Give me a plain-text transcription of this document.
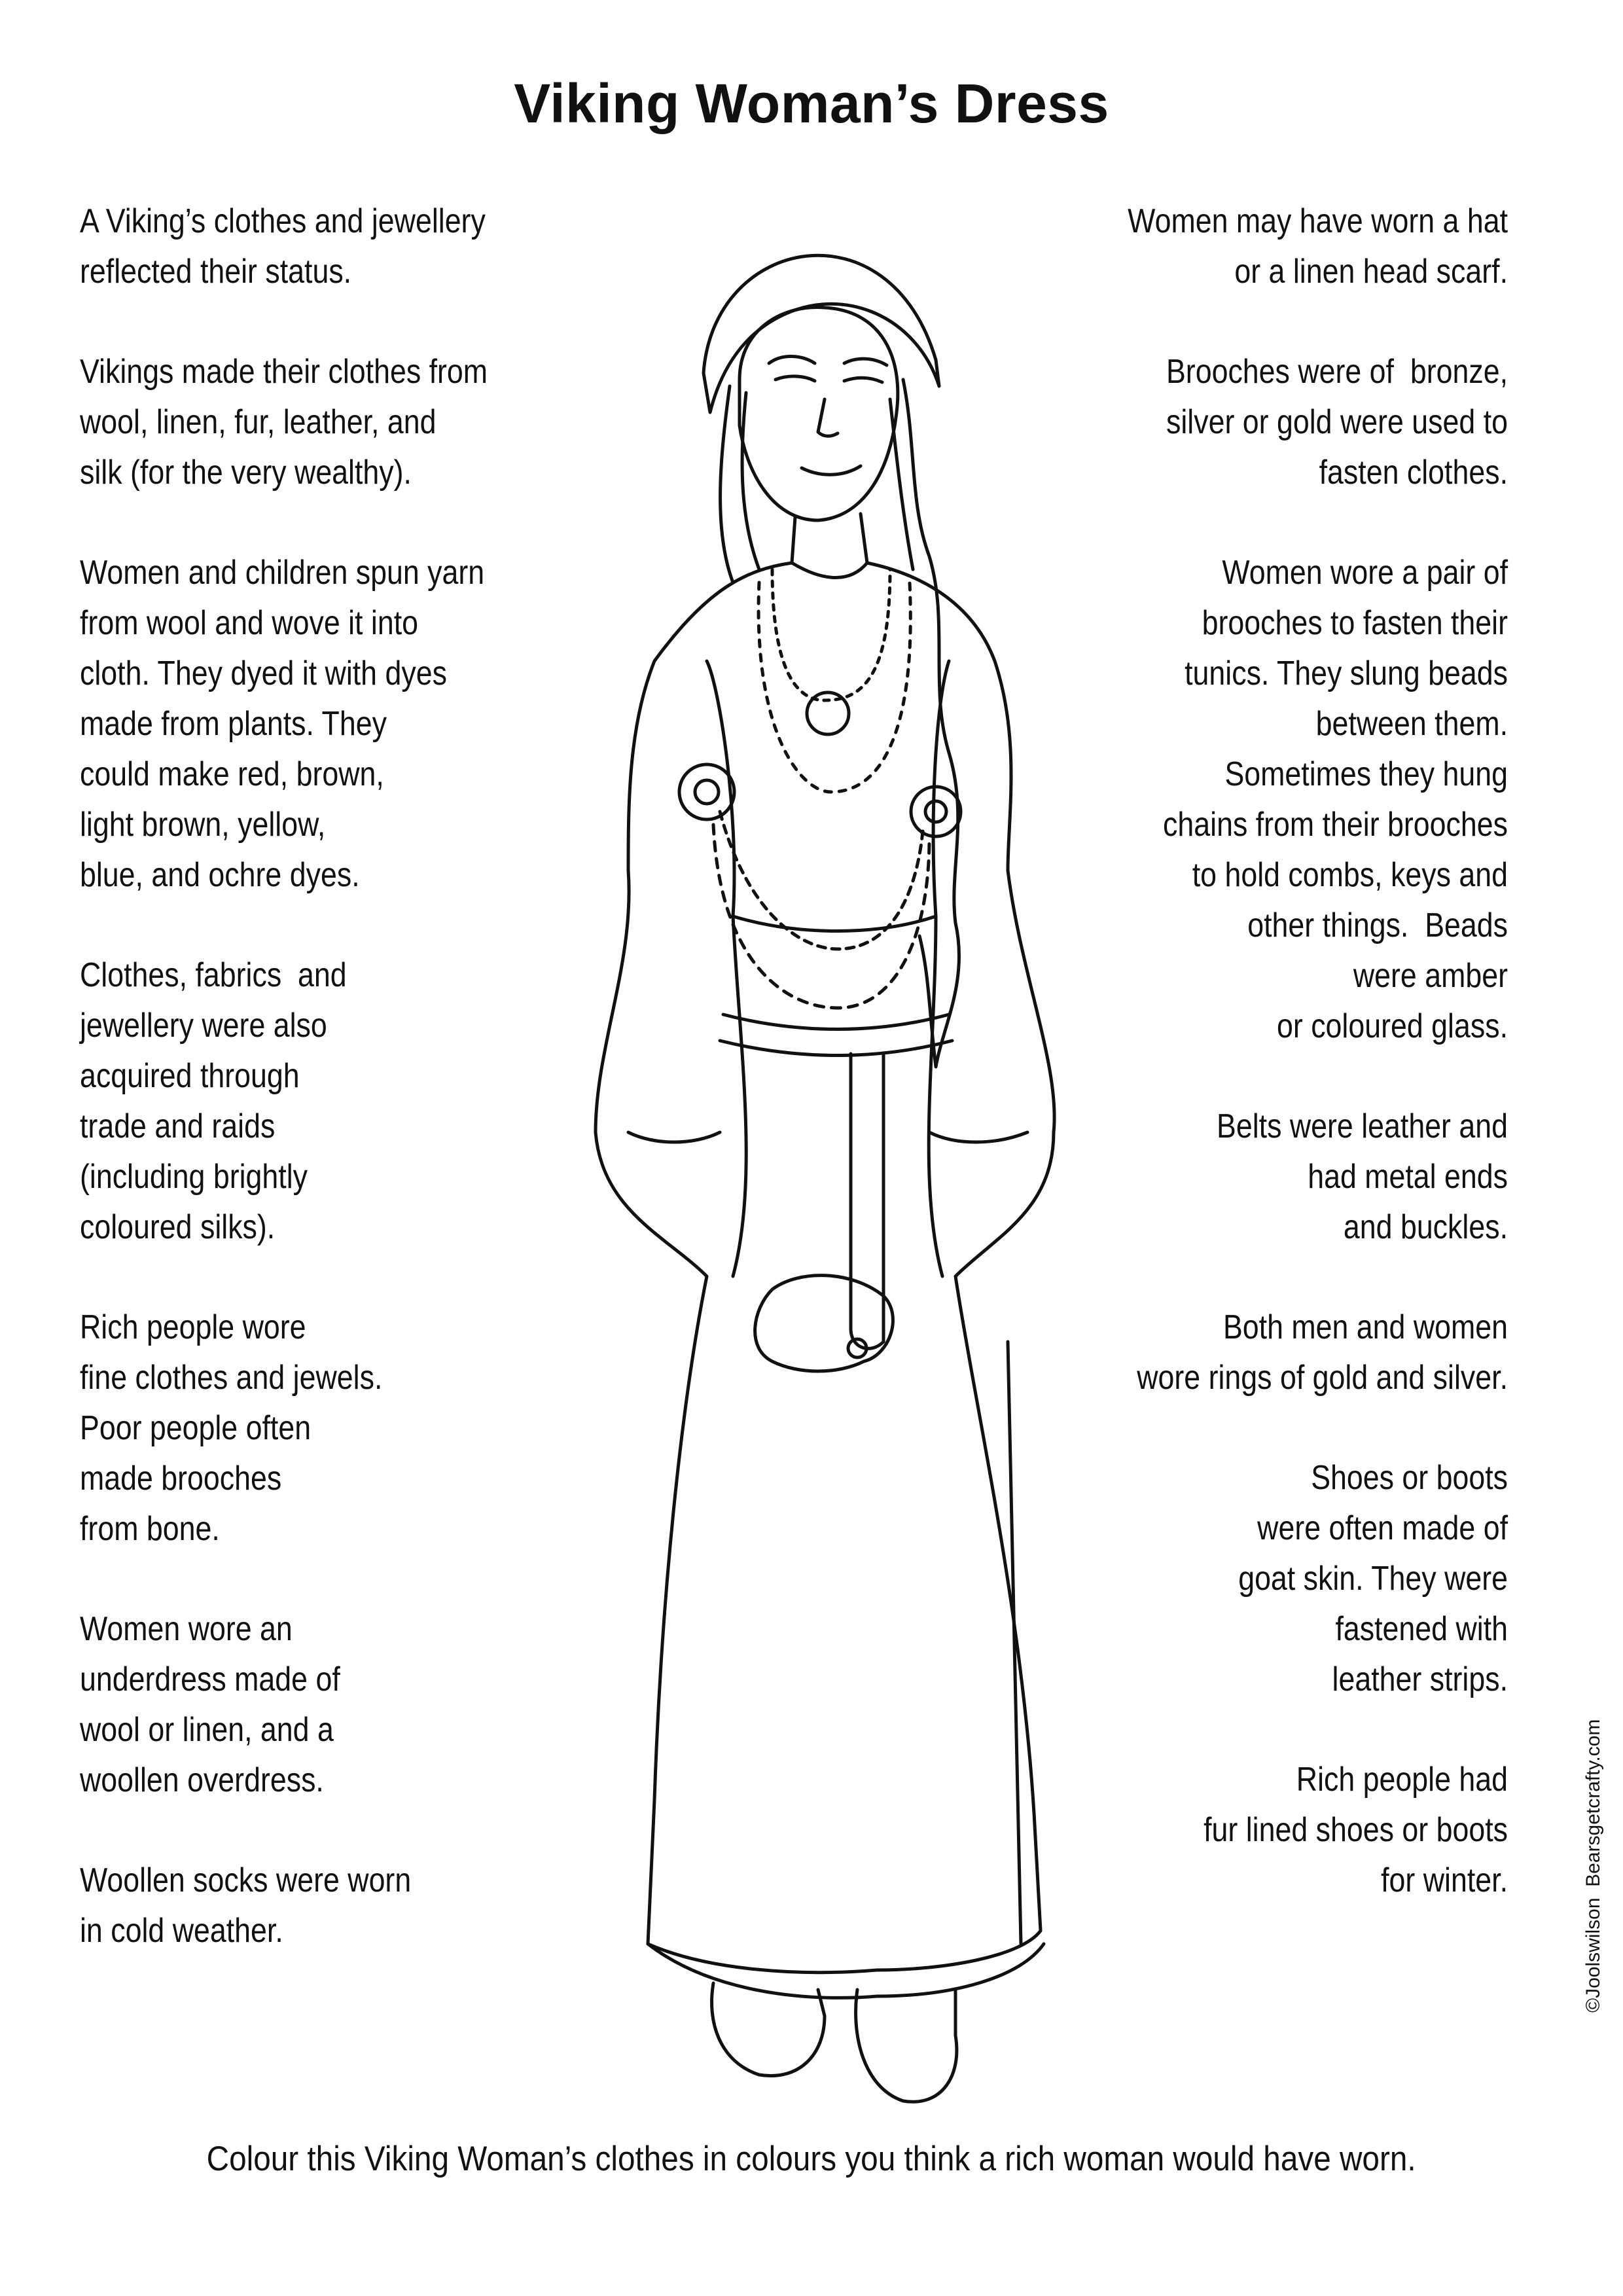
Viking Woman’s Dress
A Viking’s clothes and jewellery
reflected their status.
Vikings made their clothes from
wool, linen, fur, leather, and
silk (for the very wealthy).
Women and children spun yarn
from wool and wove it into
cloth. They dyed it with dyes
made from plants. They
could make red, brown,
light brown, yellow,
blue, and ochre dyes.
Clothes, fabrics  and
jewellery were also
acquired through
trade and raids
(including brightly
coloured silks).
Rich people wore
fine clothes and jewels.
Poor people often
made brooches
from bone.
Women wore an
underdress made of
wool or linen, and a
woollen overdress.
Woollen socks were worn
in cold weather.
Women may have worn a hat
or a linen head scarf.
Brooches were of  bronze,
silver or gold were used to
fasten clothes.
Women wore a pair of
brooches to fasten their
tunics. They slung beads
between them.
Sometimes they hung
chains from their brooches
to hold combs, keys and
other things.  Beads
were amber
or coloured glass.
Belts were leather and
had metal ends
and buckles.
Both men and women
wore rings of gold and silver.
Shoes or boots
were often made of
goat skin. They were
fastened with
leather strips.
Rich people had
fur lined shoes or boots
for winter.
Colour this Viking Woman’s clothes in colours you think a rich woman would have worn.
©Joolswilson  Bearsgetcrafty.com
